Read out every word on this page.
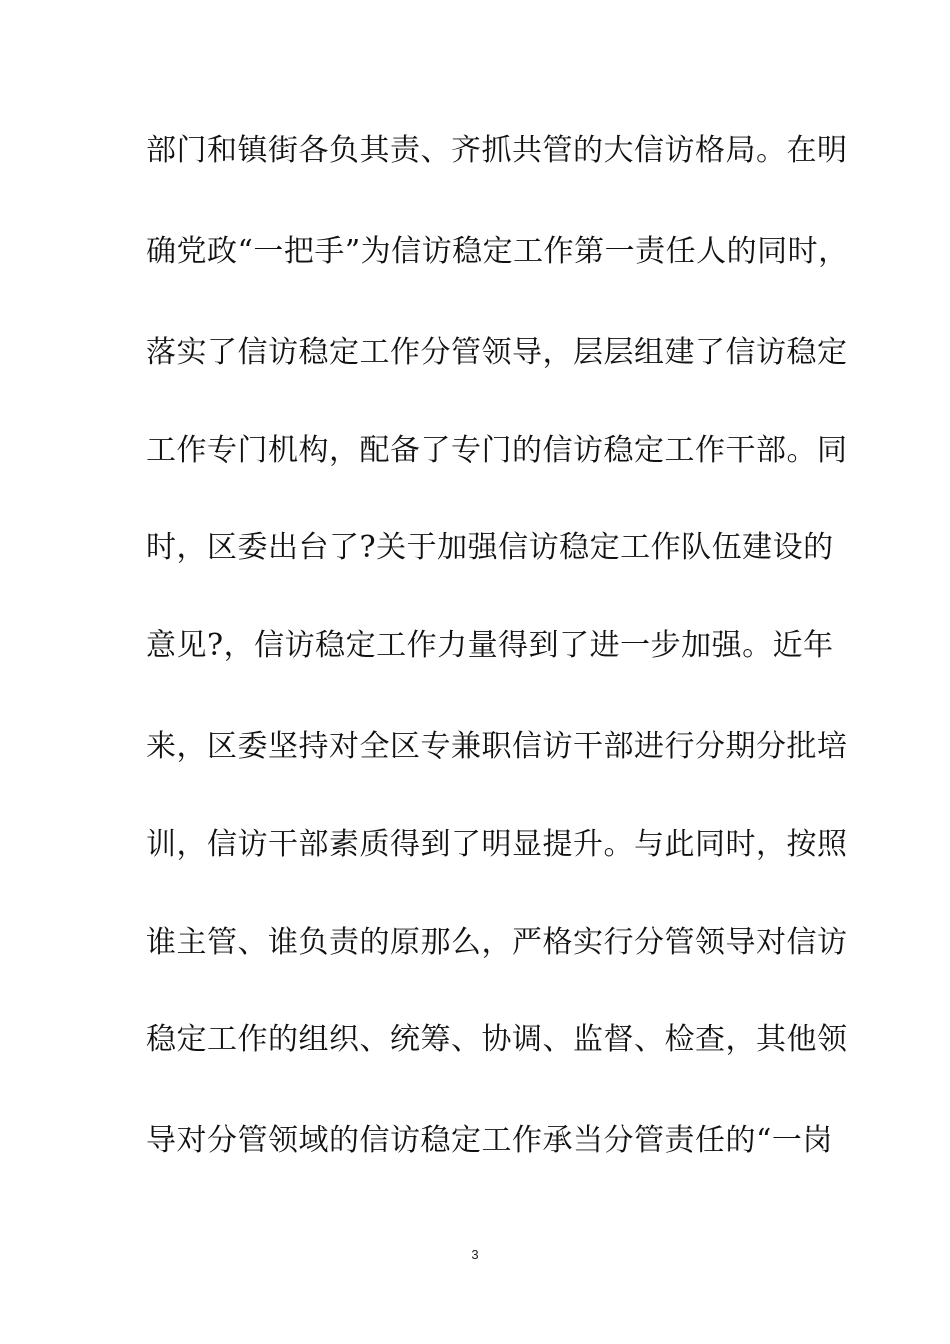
部门和镇街各负其责、齐抓共管的大信访格局。在明
确党政“一把手”为信访稳定工作第一责任人的同时，
落实了信访稳定工作分管领导，层层组建了信访稳定
工作专门机构，配备了专门的信访稳定工作干部。同
时，区委出台了?关于加强信访稳定工作队伍建设的
意见?，信访稳定工作力量得到了进一步加强。近年
来，区委坚持对全区专兼职信访干部进行分期分批培
训，信访干部素质得到了明显提升。与此同时，按照
谁主管、谁负责的原那么，严格实行分管领导对信访
稳定工作的组织、统筹、协调、监督、检查，其他领
导对分管领域的信访稳定工作承当分管责任的“一岗
3
